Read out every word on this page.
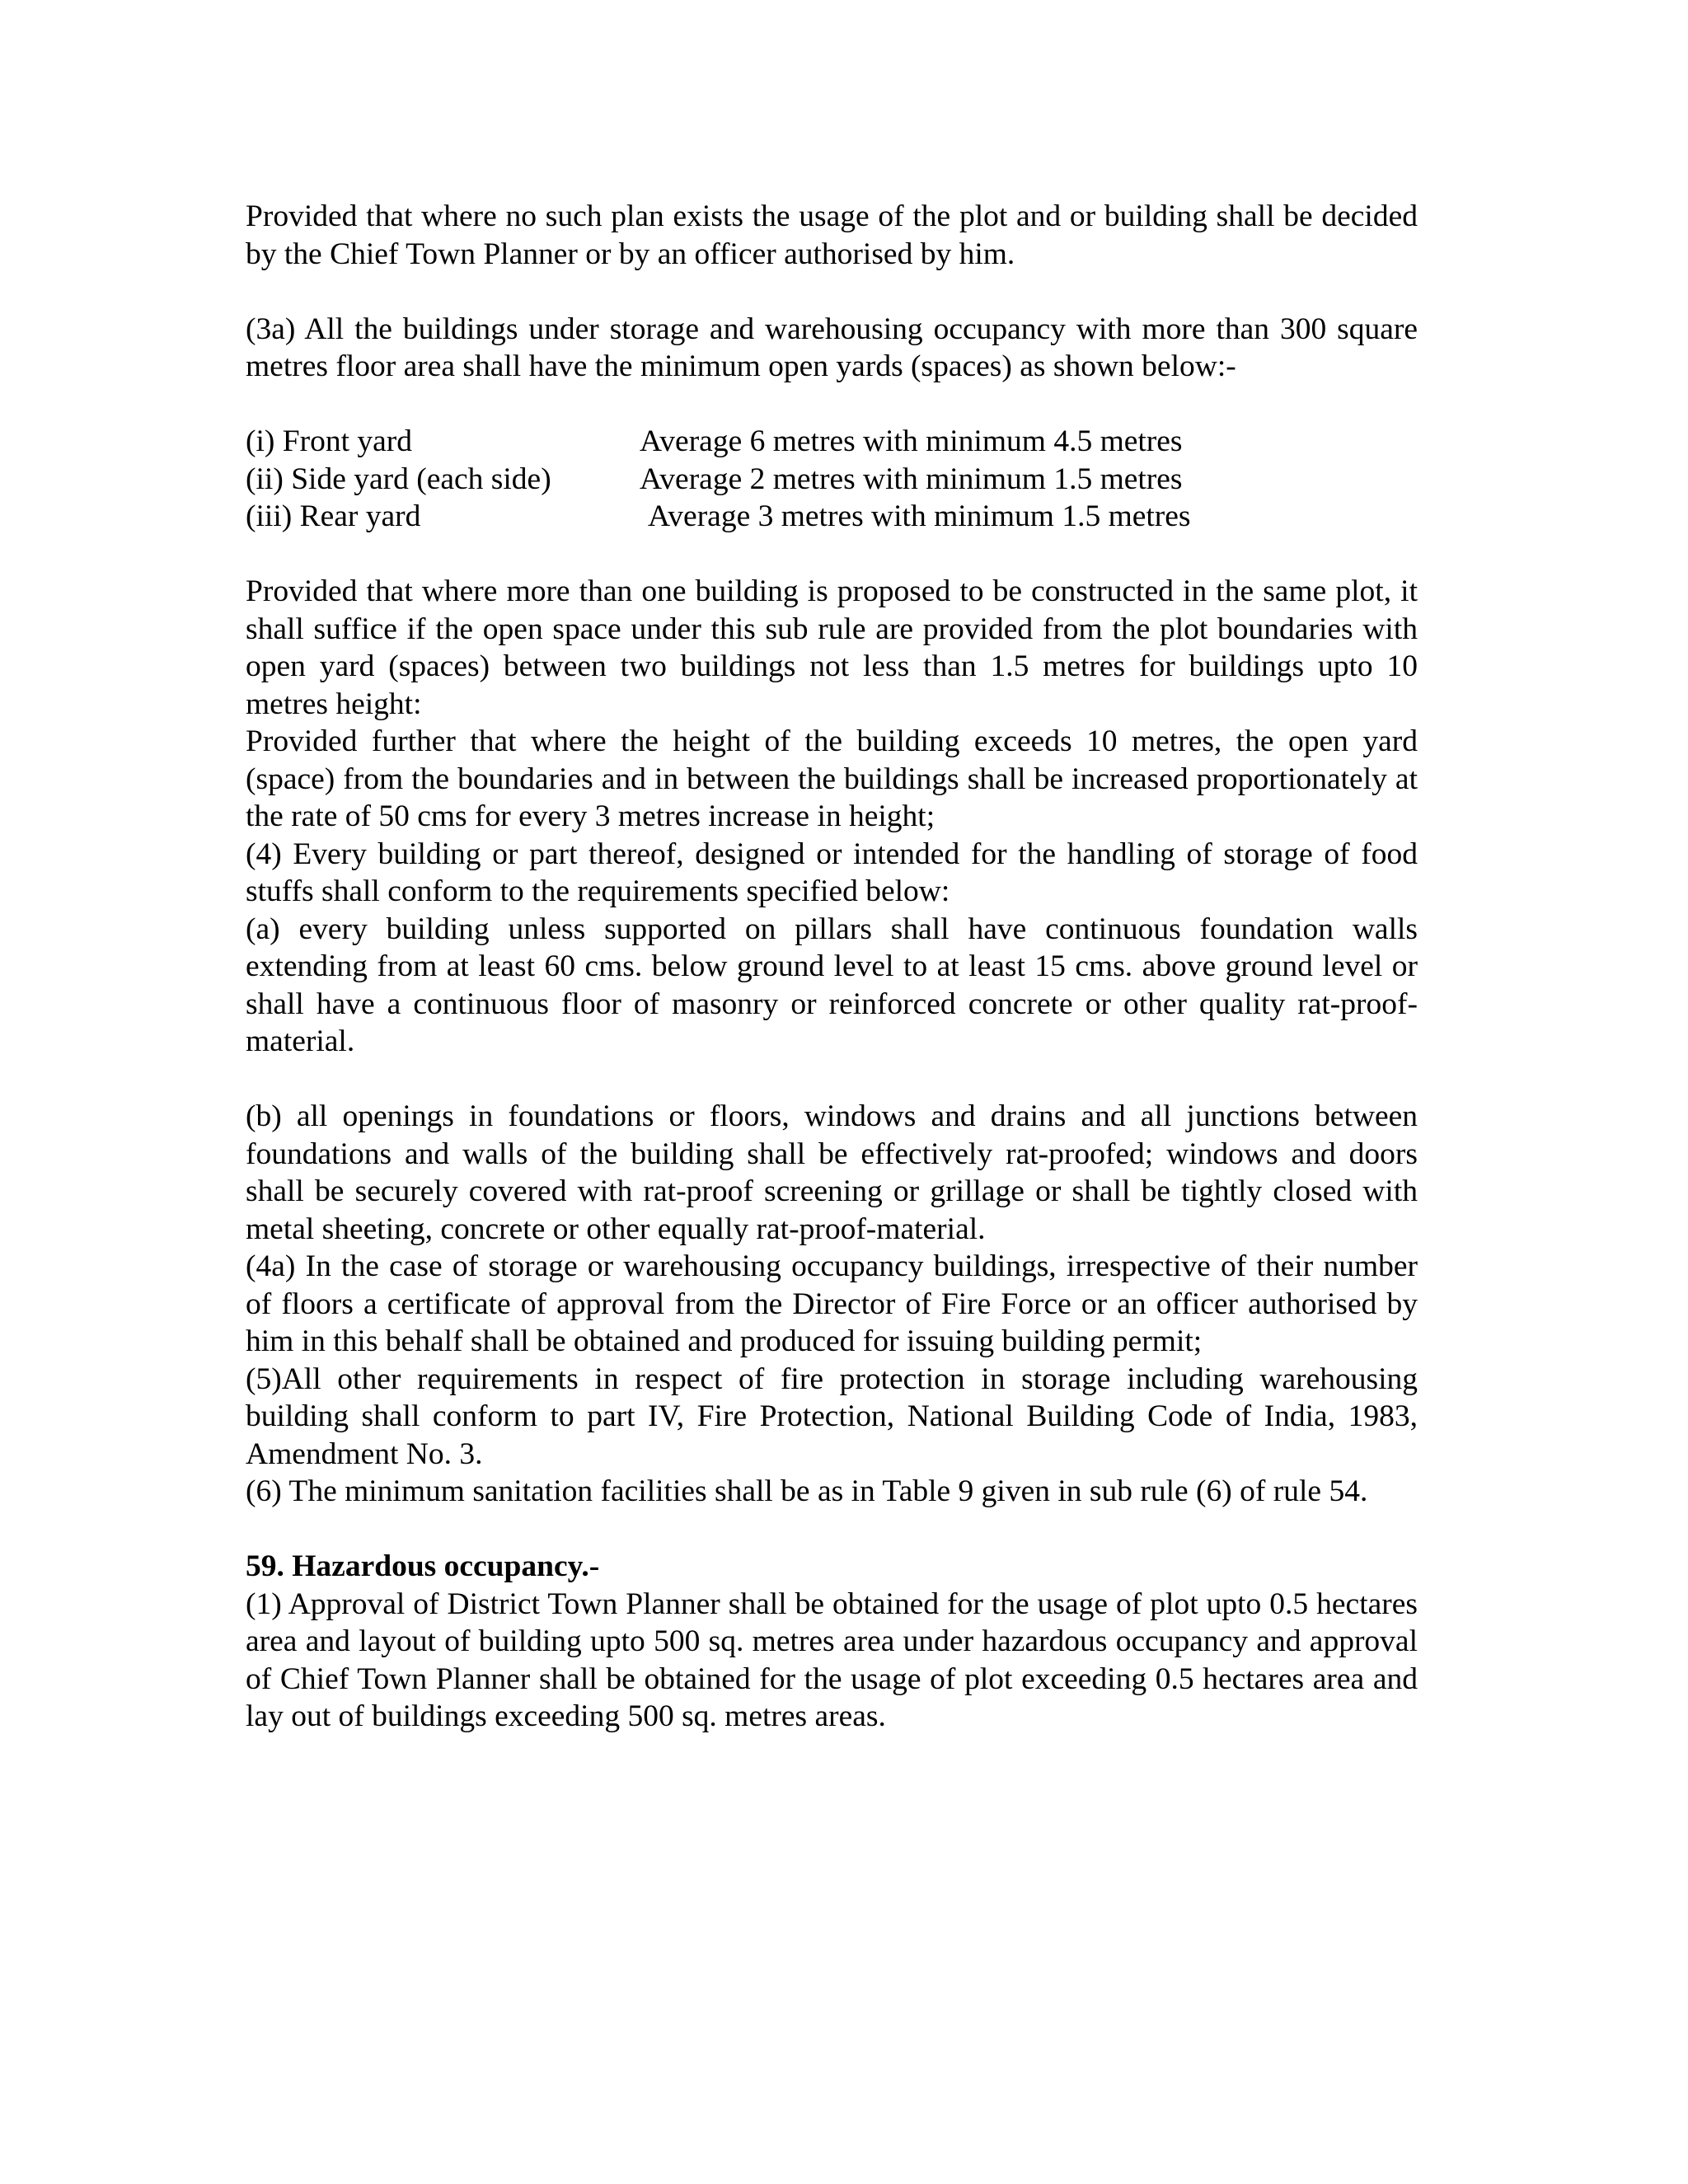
Provided that where no such plan exists the usage of the plot and or building shall be decided by the Chief Town Planner or by an officer authorised by him.

(3a) All the buildings under storage and warehousing occupancy with more than 300 square metres floor area shall have the minimum open yards (spaces) as shown below:-

(i) Front yard	Average 6 metres with minimum 4.5 metres
(ii) Side yard (each side)	Average 2 metres with minimum 1.5 metres
(iii) Rear yard	Average 3 metres with minimum 1.5 metres

Provided that where more than one building is proposed to be constructed in the same plot, it shall suffice if the open space under this sub rule are provided from the plot boundaries with open yard (spaces) between two buildings not less than 1.5 metres for buildings upto 10 metres height:

Provided further that where the height of the building exceeds 10 metres, the open yard (space) from the boundaries and in between the buildings shall be increased proportionately at the rate of 50 cms for every 3 metres increase in height;

(4) Every building or part thereof, designed or intended for the handling of storage of food stuffs shall conform to the requirements specified below:

(a) every building unless supported on pillars shall have continuous foundation walls extending from at least 60 cms. below ground level to at least 15 cms. above ground level or shall have a continuous floor of masonry or reinforced concrete or other quality rat-proof-material.

(b) all openings in foundations or floors, windows and drains and all junctions between foundations and walls of the building shall be effectively rat-proofed; windows and doors shall be securely covered with rat-proof screening or grillage or shall be tightly closed with metal sheeting, concrete or other equally rat-proof-material.

(4a) In the case of storage or warehousing occupancy buildings, irrespective of their number of floors a certificate of approval from the Director of Fire Force or an officer authorised by him in this behalf shall be obtained and produced for issuing building permit;

(5)All other requirements in respect of fire protection in storage including warehousing building shall conform to part IV, Fire Protection, National Building Code of India, 1983, Amendment No. 3.

(6) The minimum sanitation facilities shall be as in Table 9 given in sub rule (6) of rule 54.

59. Hazardous occupancy.-

(1) Approval of District Town Planner shall be obtained for the usage of plot upto 0.5 hectares area and layout of building upto 500 sq. metres area under hazardous occupancy and approval of Chief Town Planner shall be obtained for the usage of plot exceeding 0.5 hectares area and lay out of buildings exceeding 500 sq. metres areas.
